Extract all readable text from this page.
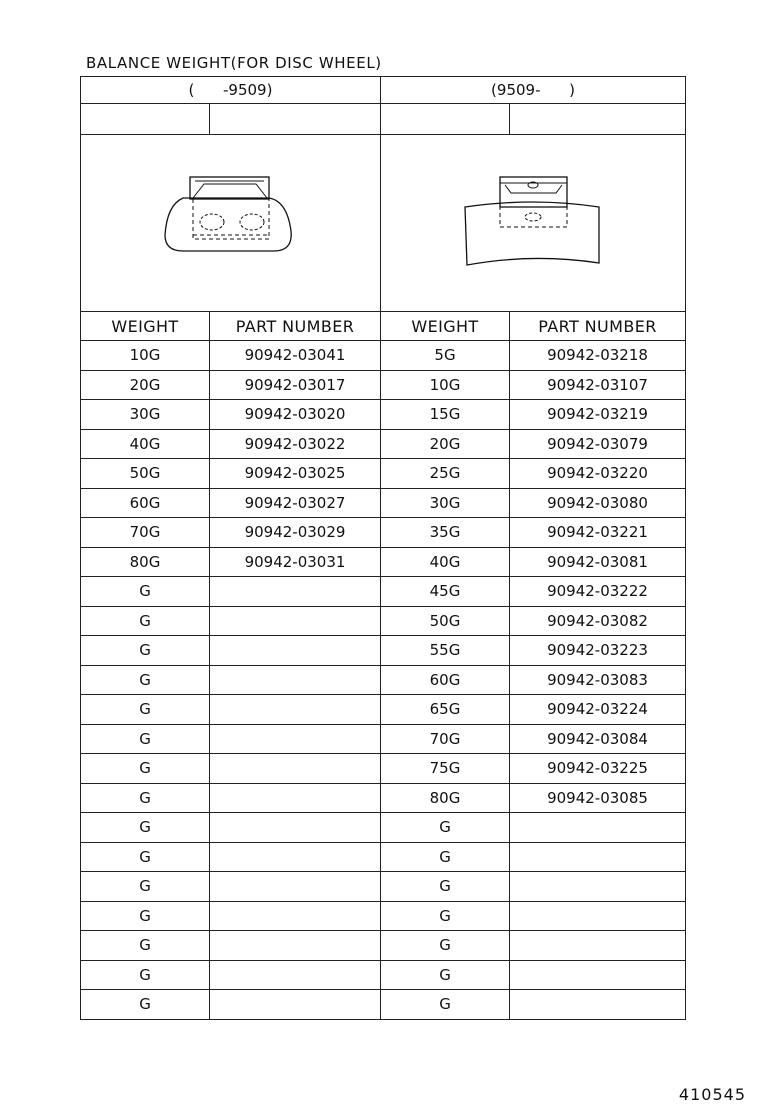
BALANCE WEIGHT(FOR DISC WHEEL)
(      -9509)		(9509-      )	

WEIGHT	PART NUMBER	WEIGHT	PART NUMBER
10G	90942-03041	5G	90942-03218
20G	90942-03017	10G	90942-03107
30G	90942-03020	15G	90942-03219
40G	90942-03022	20G	90942-03079
50G	90942-03025	25G	90942-03220
60G	90942-03027	30G	90942-03080
70G	90942-03029	35G	90942-03221
80G	90942-03031	40G	90942-03081
G		45G	90942-03222
G		50G	90942-03082
G		55G	90942-03223
G		60G	90942-03083
G		65G	90942-03224
G		70G	90942-03084
G		75G	90942-03225
G		80G	90942-03085
G		G	
G		G	
G		G	
G		G	
G		G	
G		G	
G		G	
410545
